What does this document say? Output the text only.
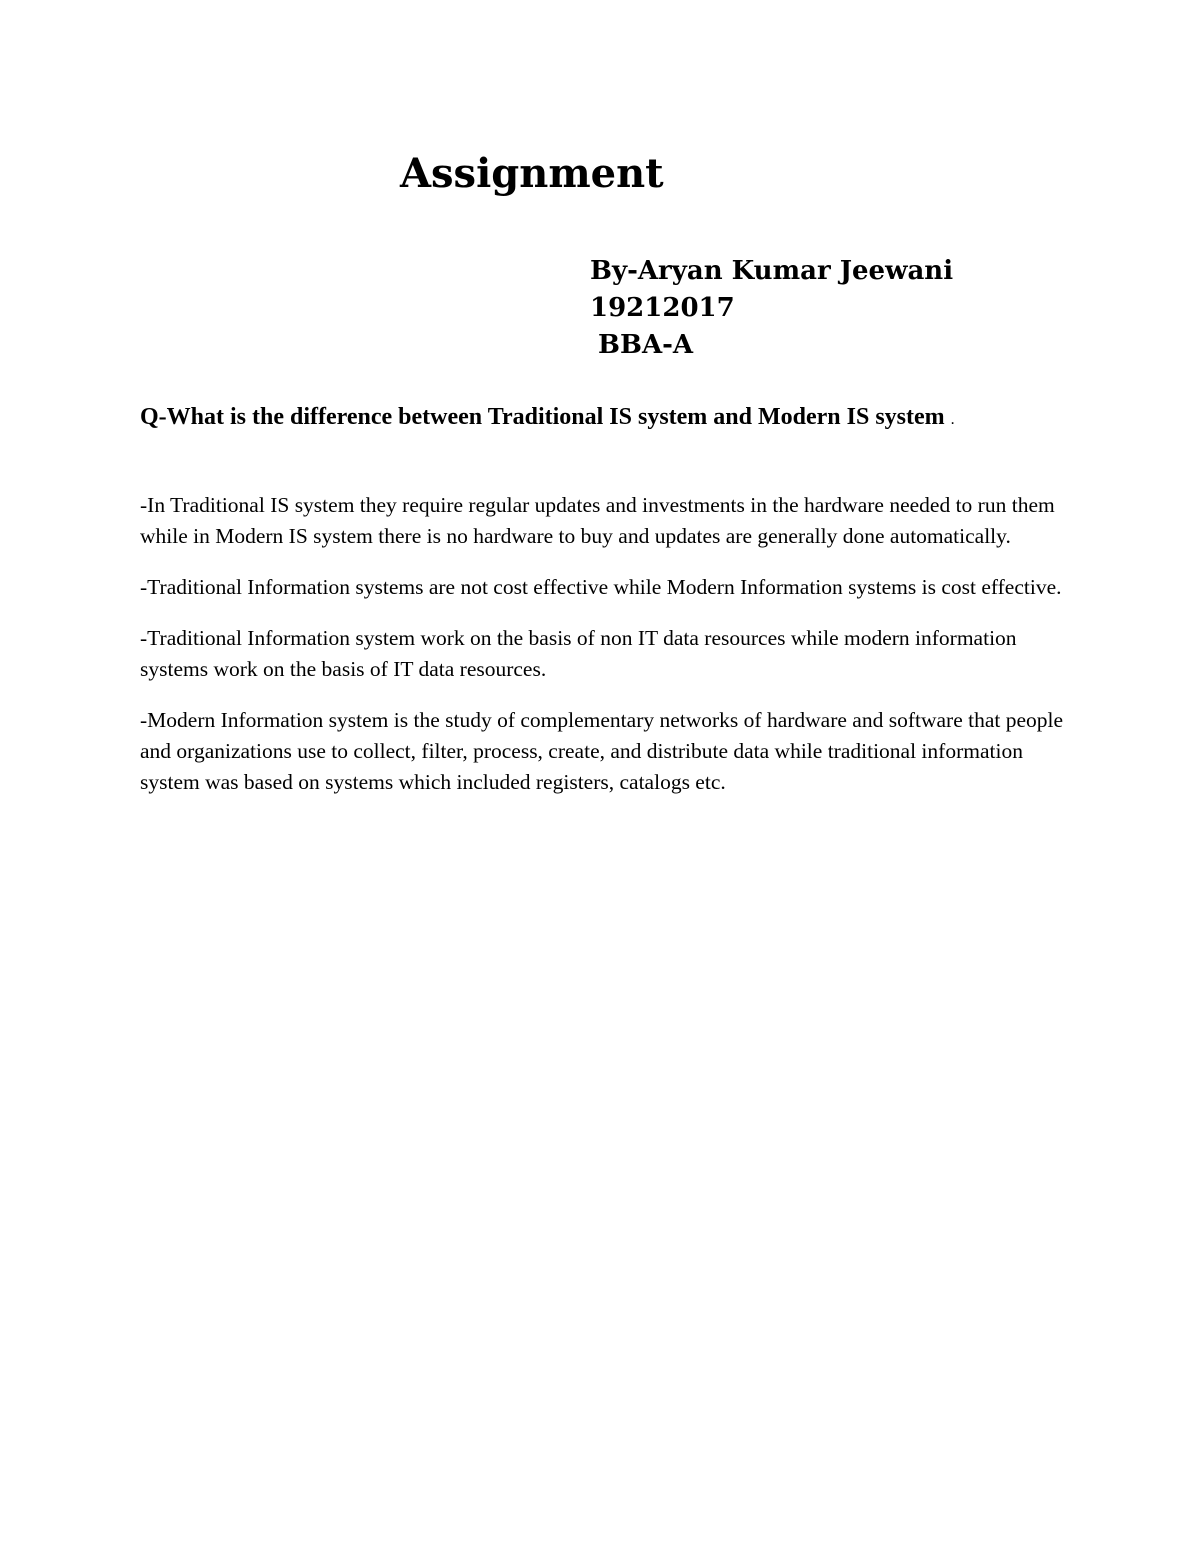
Assignment
By-Aryan Kumar Jeewani
19212017
BBA-A

Q-What is the difference between Traditional IS system and Modern IS system .

-In Traditional IS system they require regular updates and investments in the hardware needed to run them while in Modern IS system there is no hardware to buy and updates are generally done automatically.

-Traditional Information systems are not cost effective while Modern Information systems is cost effective.

-Traditional Information system work on the basis of non IT data resources while modern information systems work on the basis of IT data resources.

-Modern Information system is the study of complementary networks of hardware and software that people and organizations use to collect, filter, process, create, and distribute data while traditional information system was based on systems which included registers, catalogs etc.
